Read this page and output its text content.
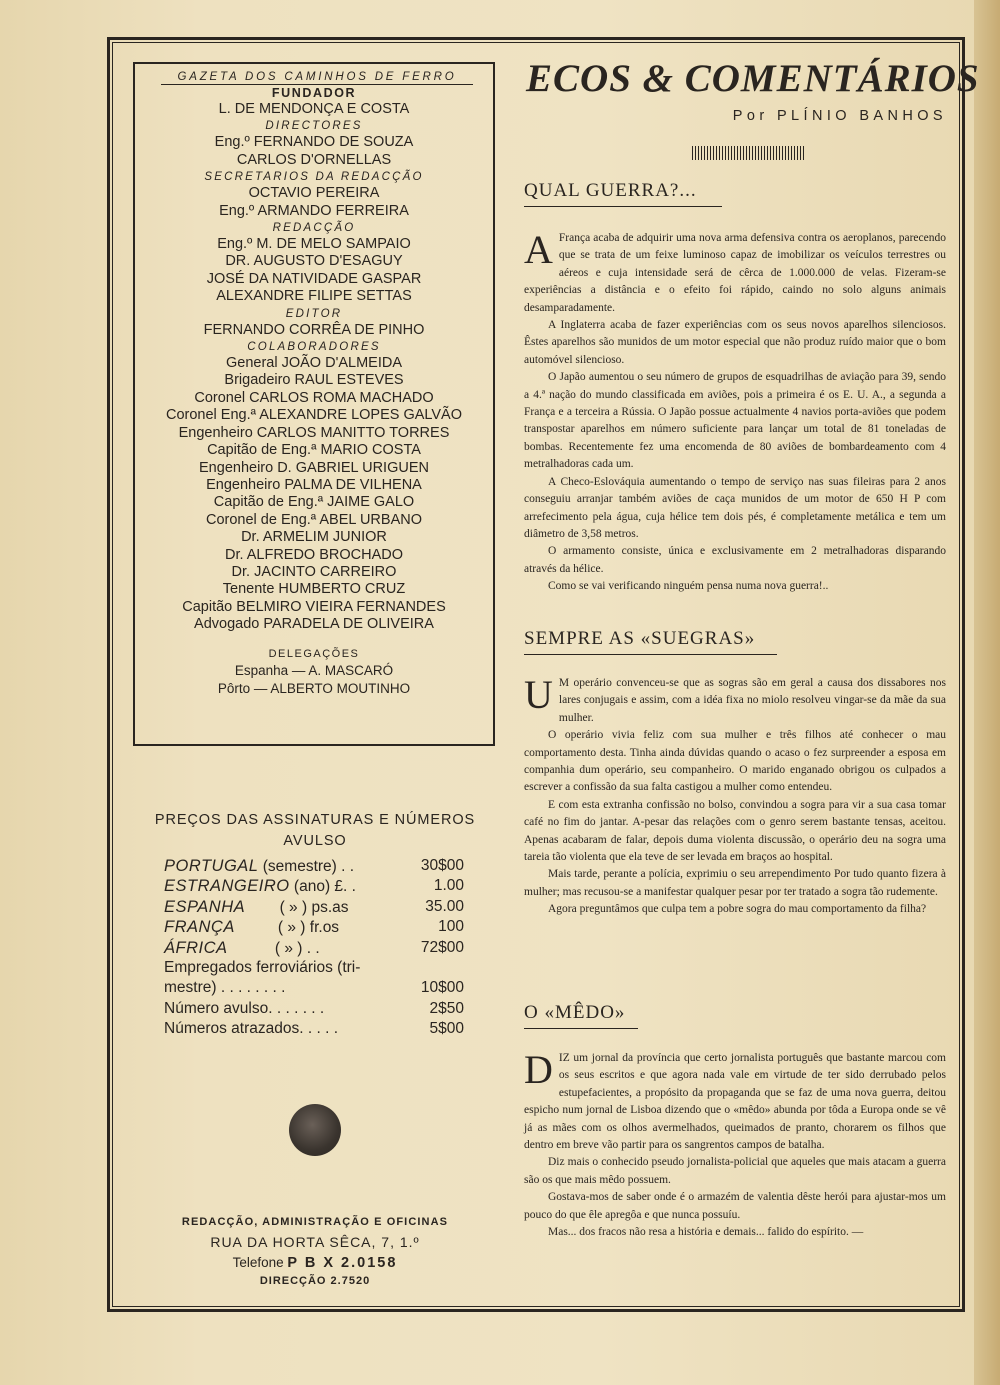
GAZETA DOS CAMINHOS DE FERRO
FUNDADOR
L. DE MENDONÇA E COSTA
DIRECTORES
Eng.º FERNANDO DE SOUZA
CARLOS D'ORNELLAS
SECRETARIOS DA REDACÇÃO
OCTAVIO PEREIRA
Eng.º ARMANDO FERREIRA
REDACÇÃO
Eng.º M. DE MELO SAMPAIO
DR. AUGUSTO D'ESAGUY
JOSÉ DA NATIVIDADE GASPAR
ALEXANDRE FILIPE SETTAS
EDITOR
FERNANDO CORRÊA DE PINHO
COLABORADORES
General JOÃO D'ALMEIDA
Brigadeiro RAUL ESTEVES
Coronel CARLOS ROMA MACHADO
Coronel Eng.ª ALEXANDRE LOPES GALVÃO
Engenheiro CARLOS MANITTO TORRES
Capitão de Eng.ª MARIO COSTA
Engenheiro D. GABRIEL URIGUEN
Engenheiro PALMA DE VILHENA
Capitão de Eng.ª JAIME GALO
Coronel de Eng.ª ABEL URBANO
Dr. ARMELIM JUNIOR
Dr. ALFREDO BROCHADO
Dr. JACINTO CARREIRO
Tenente HUMBERTO CRUZ
Capitão BELMIRO VIEIRA FERNANDES
Advogado PARADELA DE OLIVEIRA
DELEGAÇÕES
Espanha — A. MASCARÓ
Pôrto — ALBERTO MOUTINHO
PREÇOS DAS ASSINATURAS E NÚMEROS
AVULSO
PORTUGAL (semestre) . .	30$00
ESTRANGEIRO (ano) £. .	1.00
ESPANHA        ( » ) ps.as	35.00
FRANÇA          ( » ) fr.os	100
ÁFRICA           ( » ) . .	72$00
Empregados ferroviários (tri-
mestre) . . . . . . . .	10$00
Número avulso. . . . . . .	2$50
Números atrazados. . . . .	5$00
REDACÇÃO, ADMINISTRAÇÃO E OFICINAS
RUA DA HORTA SÊCA, 7, 1.º
Telefone P B X 2.0158
DIRECÇÃO 2.7520
ECOS & COMENTÁRIOS
Por PLÍNIO BANHOS
QUAL GUERRA?...

A França acaba de adquirir uma nova arma defensiva contra os aeroplanos, parecendo que se trata de um feixe luminoso capaz de imobilizar os veículos terrestres ou aéreos e cuja intensidade será de cêrca de 1.000.000 de velas. Fizeram-se experiências a distância e o efeito foi rápido, caindo no solo alguns animais desamparadamente.

A Inglaterra acaba de fazer experiências com os seus novos aparelhos silenciosos. Êstes aparelhos são munidos de um motor especial que não produz ruído maior que o bom automóvel silencioso.

O Japão aumentou o seu número de grupos de esquadrilhas de aviação para 39, sendo a 4.ª nação do mundo classificada em aviões, pois a primeira é os E. U. A., a segunda a França e a terceira a Rússia. O Japão possue actualmente 4 navios porta-aviões que podem transpostar aparelhos em número suficiente para lançar um total de 81 toneladas de bombas. Recentemente fez uma encomenda de 80 aviões de bombardeamento com 4 metralhadoras cada um.

A Checo-Eslováquia aumentando o tempo de serviço nas suas fileiras para 2 anos conseguiu arranjar também aviões de caça munidos de um motor de 650 H P com arrefecimento pela água, cuja hélice tem dois pés, é completamente metálica e tem um diâmetro de 3,58 metros.

O armamento consiste, única e exclusivamente em 2 metralhadoras disparando através da hélice.

Como se vai verificando ninguém pensa numa nova guerra!..

SEMPRE AS «SUEGRAS»

U M operário convenceu-se que as sogras são em geral a causa dos dissabores nos lares conjugais e assim, com a idéa fixa no miolo resolveu vingar-se da mãe da sua mulher.

O operário vivia feliz com sua mulher e três filhos até conhecer o mau comportamento desta. Tinha ainda dúvidas quando o acaso o fez surpreender a esposa em companhia dum operário, seu companheiro. O marido enganado obrigou os culpados a escrever a confissão da sua falta castigou a mulher como entendeu.

E com esta extranha confissão no bolso, convindou a sogra para vir a sua casa tomar café no fim do jantar. A-pesar das relações com o genro serem bastante tensas, aceitou. Apenas acabaram de falar, depois duma violenta discussão, o operário deu na sogra uma tareia tão violenta que ela teve de ser levada em braços ao hospital.

Mais tarde, perante a polícia, exprimiu o seu arrependimento Por tudo quanto fizera à mulher; mas recusou-se a manifestar qualquer pesar por ter tratado a sogra tão rudemente.

Agora preguntâmos que culpa tem a pobre sogra do mau comportamento da filha?

O «MÊDO»

DIZ um jornal da província que certo jornalista português que bastante marcou com os seus escritos e que agora nada vale em virtude de ter sido derrubado pelos estupefacientes, a propósito da propaganda que se faz de uma nova guerra, deitou espicho num jornal de Lisboa dizendo que o «mêdo» abunda por tôda a Europa onde se vê já as mães com os olhos avermelhados, queimados de pranto, chorarem os filhos que dentro em breve vão partir para os sangrentos campos de batalha.

Diz mais o conhecido pseudo jornalista-policial que aqueles que mais atacam a guerra são os que mais mêdo possuem.

Gostava-mos de saber onde é o armazém de valentia dêste herói para ajustar-mos um pouco do que êle apregôa e que nunca possuíu.

Mas... dos fracos não resa a história e demais... falido do espírito. —
